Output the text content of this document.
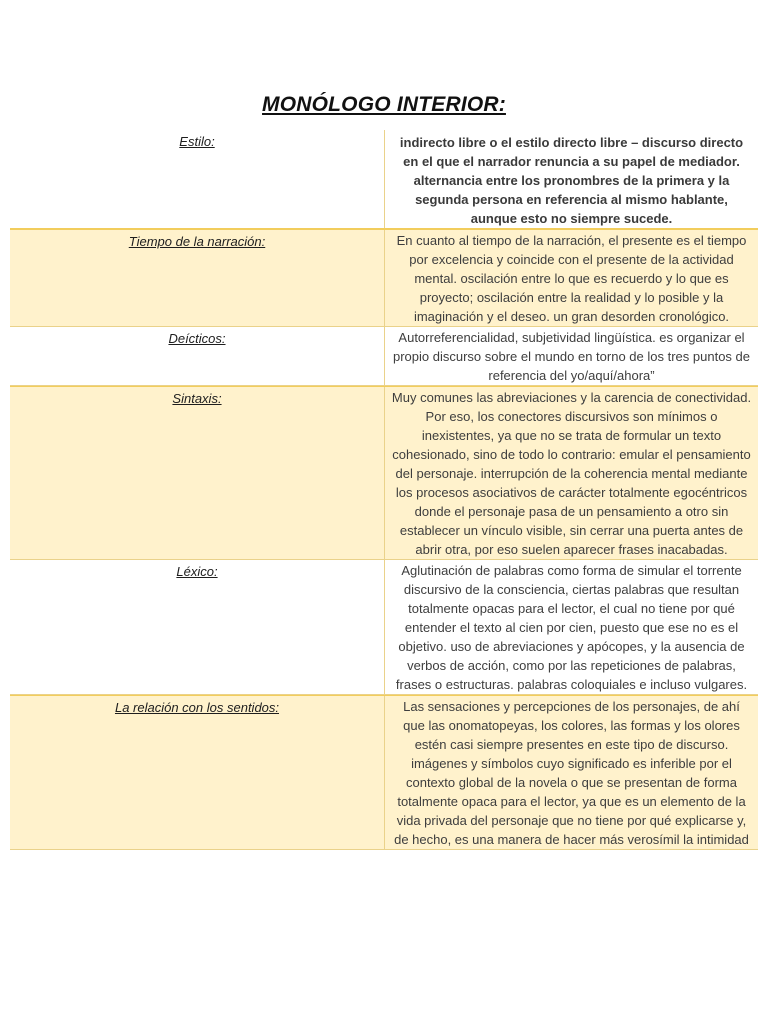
MONÓLOGO INTERIOR:
Estilo:	indirecto libre o el estilo directo libre – discurso directo en el que el narrador renuncia a su papel de mediador. alternancia entre los pronombres de la primera y la segunda persona en referencia al mismo hablante, aunque esto no siempre sucede.
Tiempo de la narración:	En cuanto al tiempo de la narración, el presente es el tiempo por excelencia y coincide con el presente de la actividad mental. oscilación entre lo que es recuerdo y lo que es proyecto; oscilación entre la realidad y lo posible y la imaginación y el deseo. un gran desorden cronológico.
Deícticos:	Autorreferencialidad, subjetividad lingüística. es organizar el propio discurso sobre el mundo en torno de los tres puntos de referencia del yo/aquí/ahora”
Sintaxis:	Muy comunes las abreviaciones y la carencia de conectividad. Por eso, los conectores discursivos son mínimos o inexistentes, ya que no se trata de formular un texto cohesionado, sino de todo lo contrario: emular el pensamiento del personaje. interrupción de la coherencia mental mediante los procesos asociativos de carácter totalmente egocéntricos donde el personaje pasa de un pensamiento a otro sin establecer un vínculo visible, sin cerrar una puerta antes de abrir otra, por eso suelen aparecer frases inacabadas.
Léxico:	Aglutinación de palabras como forma de simular el torrente discursivo de la consciencia, ciertas palabras que resultan totalmente opacas para el lector, el cual no tiene por qué entender el texto al cien por cien, puesto que ese no es el objetivo. uso de abreviaciones y apócopes, y la ausencia de verbos de acción, como por las repeticiones de palabras, frases o estructuras. palabras coloquiales e incluso vulgares.
La relación con los sentidos:	Las sensaciones y percepciones de los personajes, de ahí que las onomatopeyas, los colores, las formas y los olores estén casi siempre presentes en este tipo de discurso. imágenes y símbolos cuyo significado es inferible por el contexto global de la novela o que se presentan de forma totalmente opaca para el lector, ya que es un elemento de la vida privada del personaje que no tiene por qué explicarse y, de hecho, es una manera de hacer más verosímil la intimidad
